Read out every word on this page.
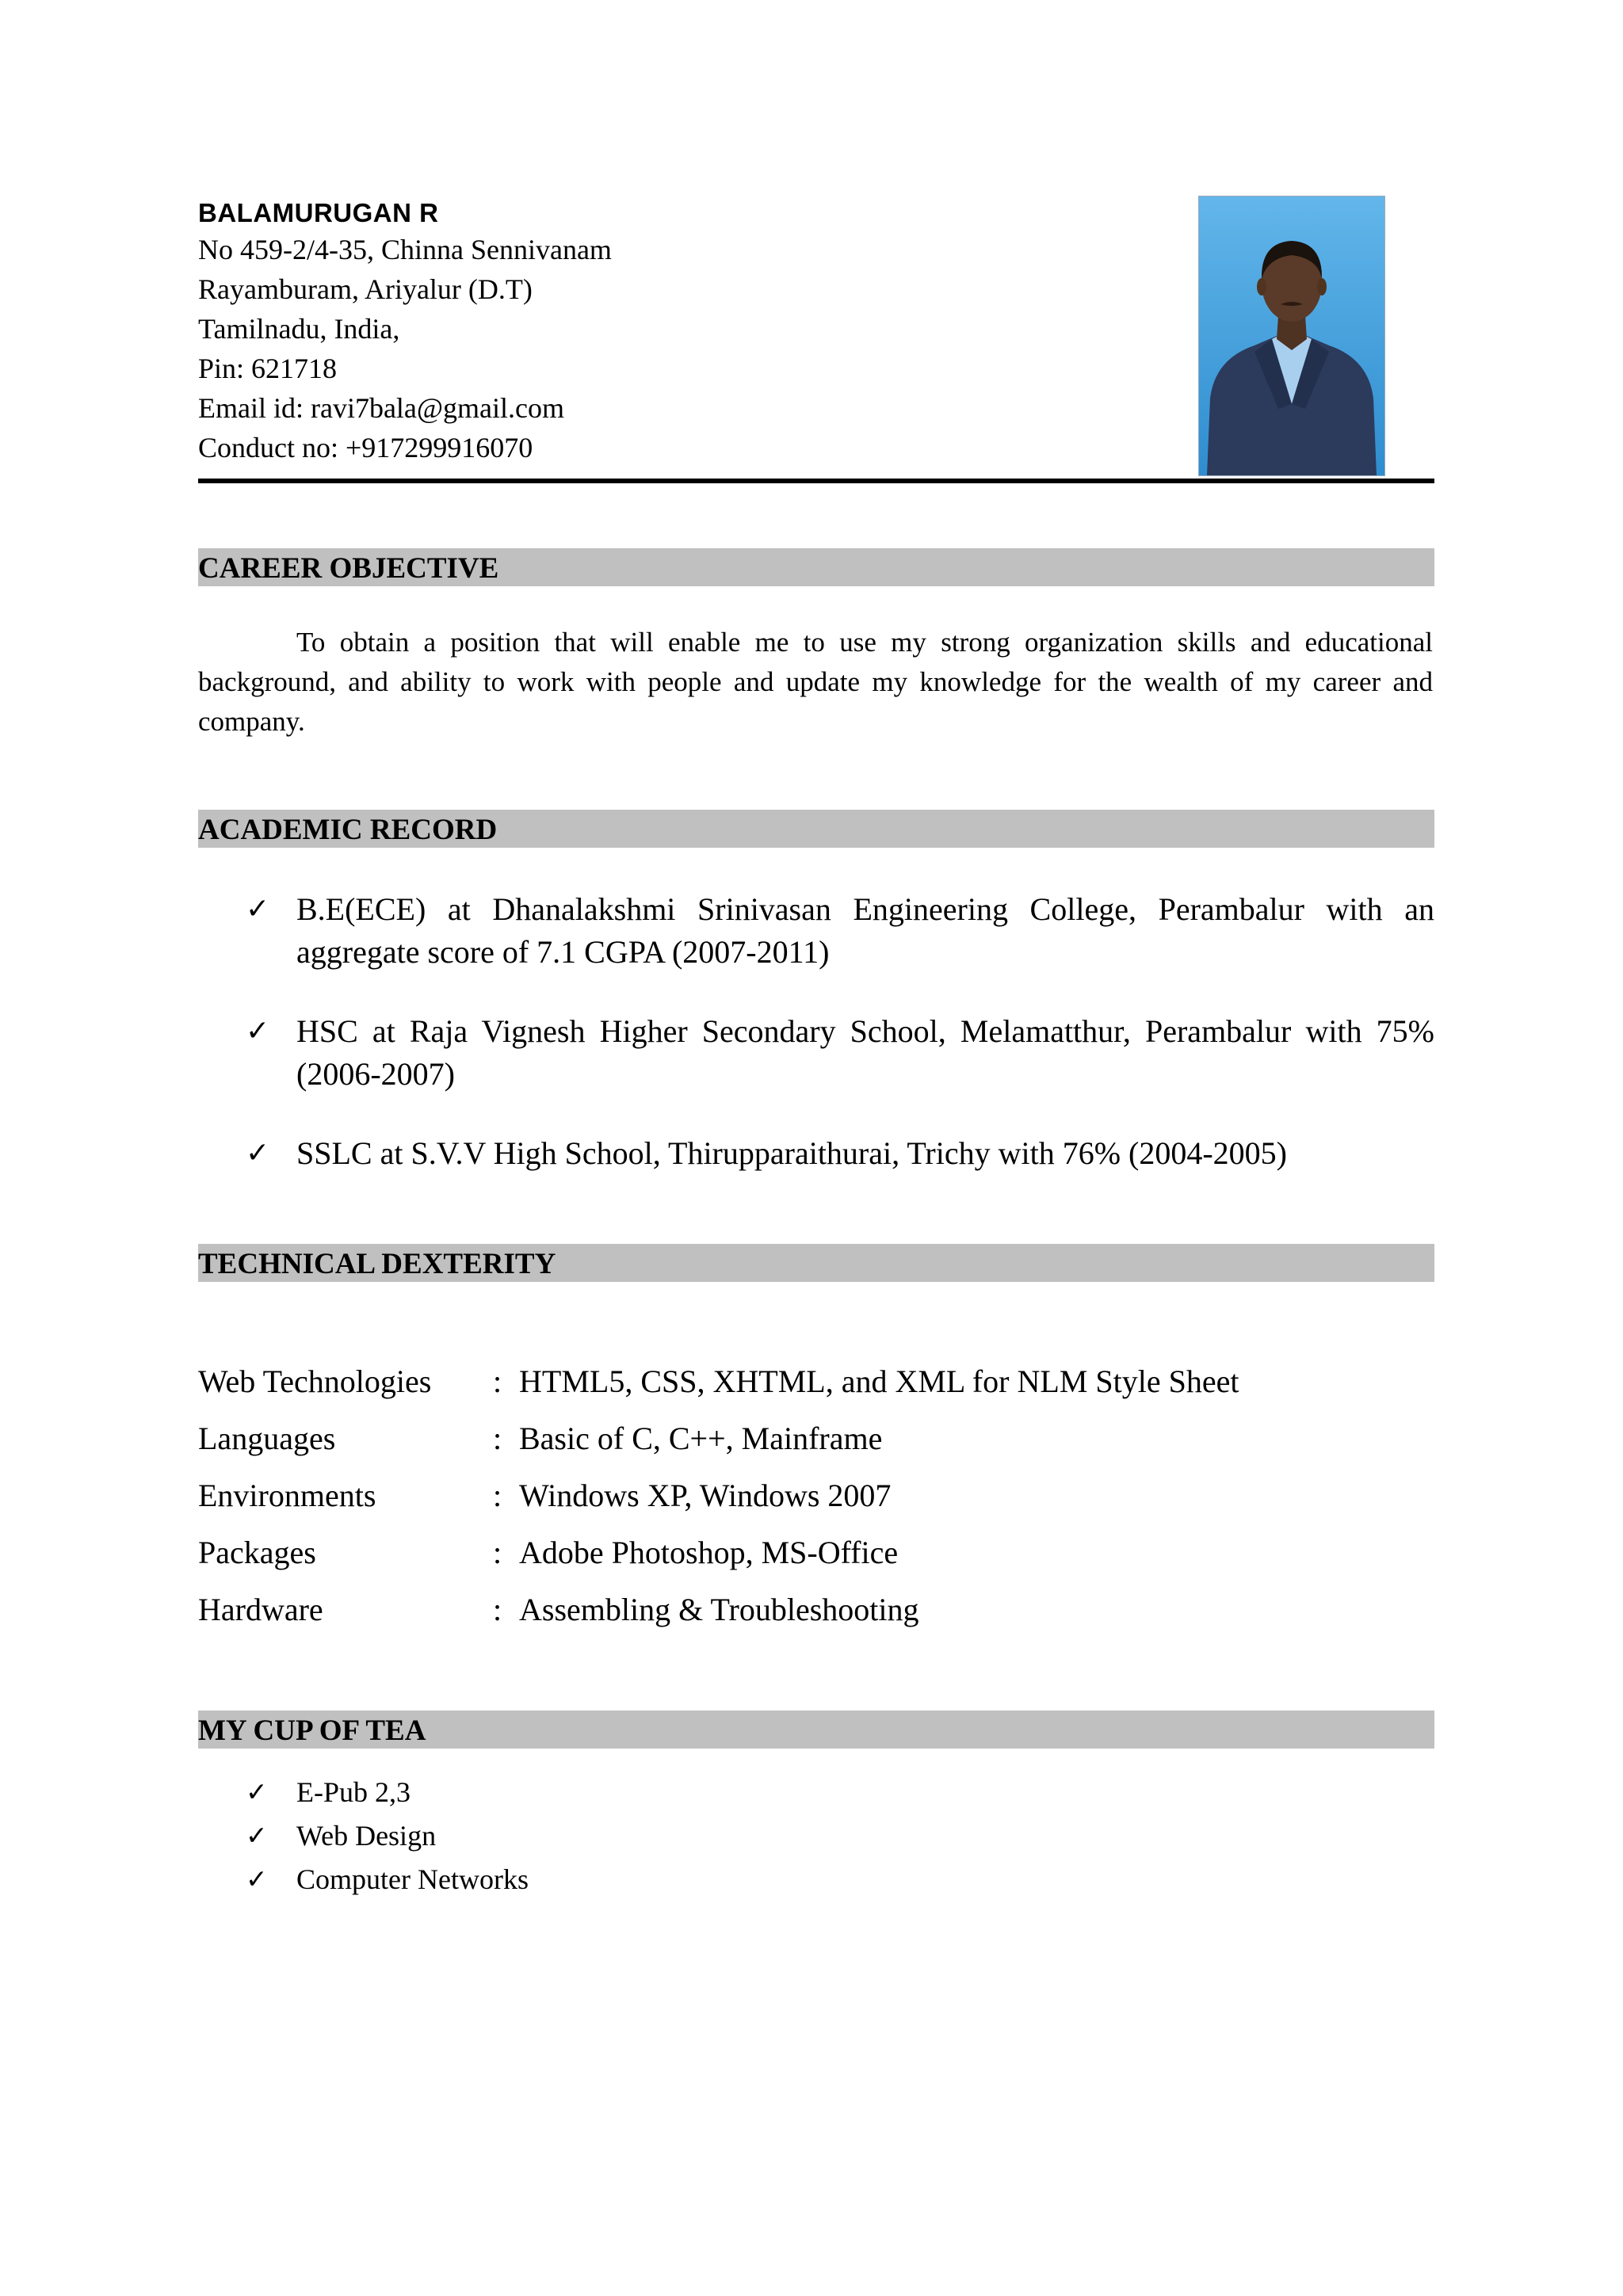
BALAMURUGAN R
No 459-2/4-35, Chinna Sennivanam
Rayamburam, Ariyalur (D.T)
Tamilnadu, India,
Pin: 621718
Email id: ravi7bala@gmail.com
Conduct no: +917299916070
CAREER OBJECTIVE
To obtain a position that will enable me to use my strong organization skills and educational background, and ability to work with people and update my knowledge for the wealth of my career and company.
ACADEMIC RECORD
✓ B.E(ECE) at Dhanalakshmi Srinivasan Engineering College, Perambalur with an aggregate score of 7.1 CGPA (2007-2011)
✓ HSC at Raja Vignesh Higher Secondary School, Melamatthur, Perambalur with 75% (2006-2007)
✓ SSLC at S.V.V High School, Thirupparaithurai, Trichy with 76% (2004-2005)
TECHNICAL DEXTERITY
Web Technologies : HTML5, CSS, XHTML, and XML for NLM Style Sheet
Languages	: Basic of C, C++, Mainframe
Environments	: Windows XP, Windows 2007
Packages	: Adobe Photoshop, MS-Office
Hardware	: Assembling & Troubleshooting
MY CUP OF TEA
✓ E-Pub 2,3
✓ Web Design
✓ Computer Networks
